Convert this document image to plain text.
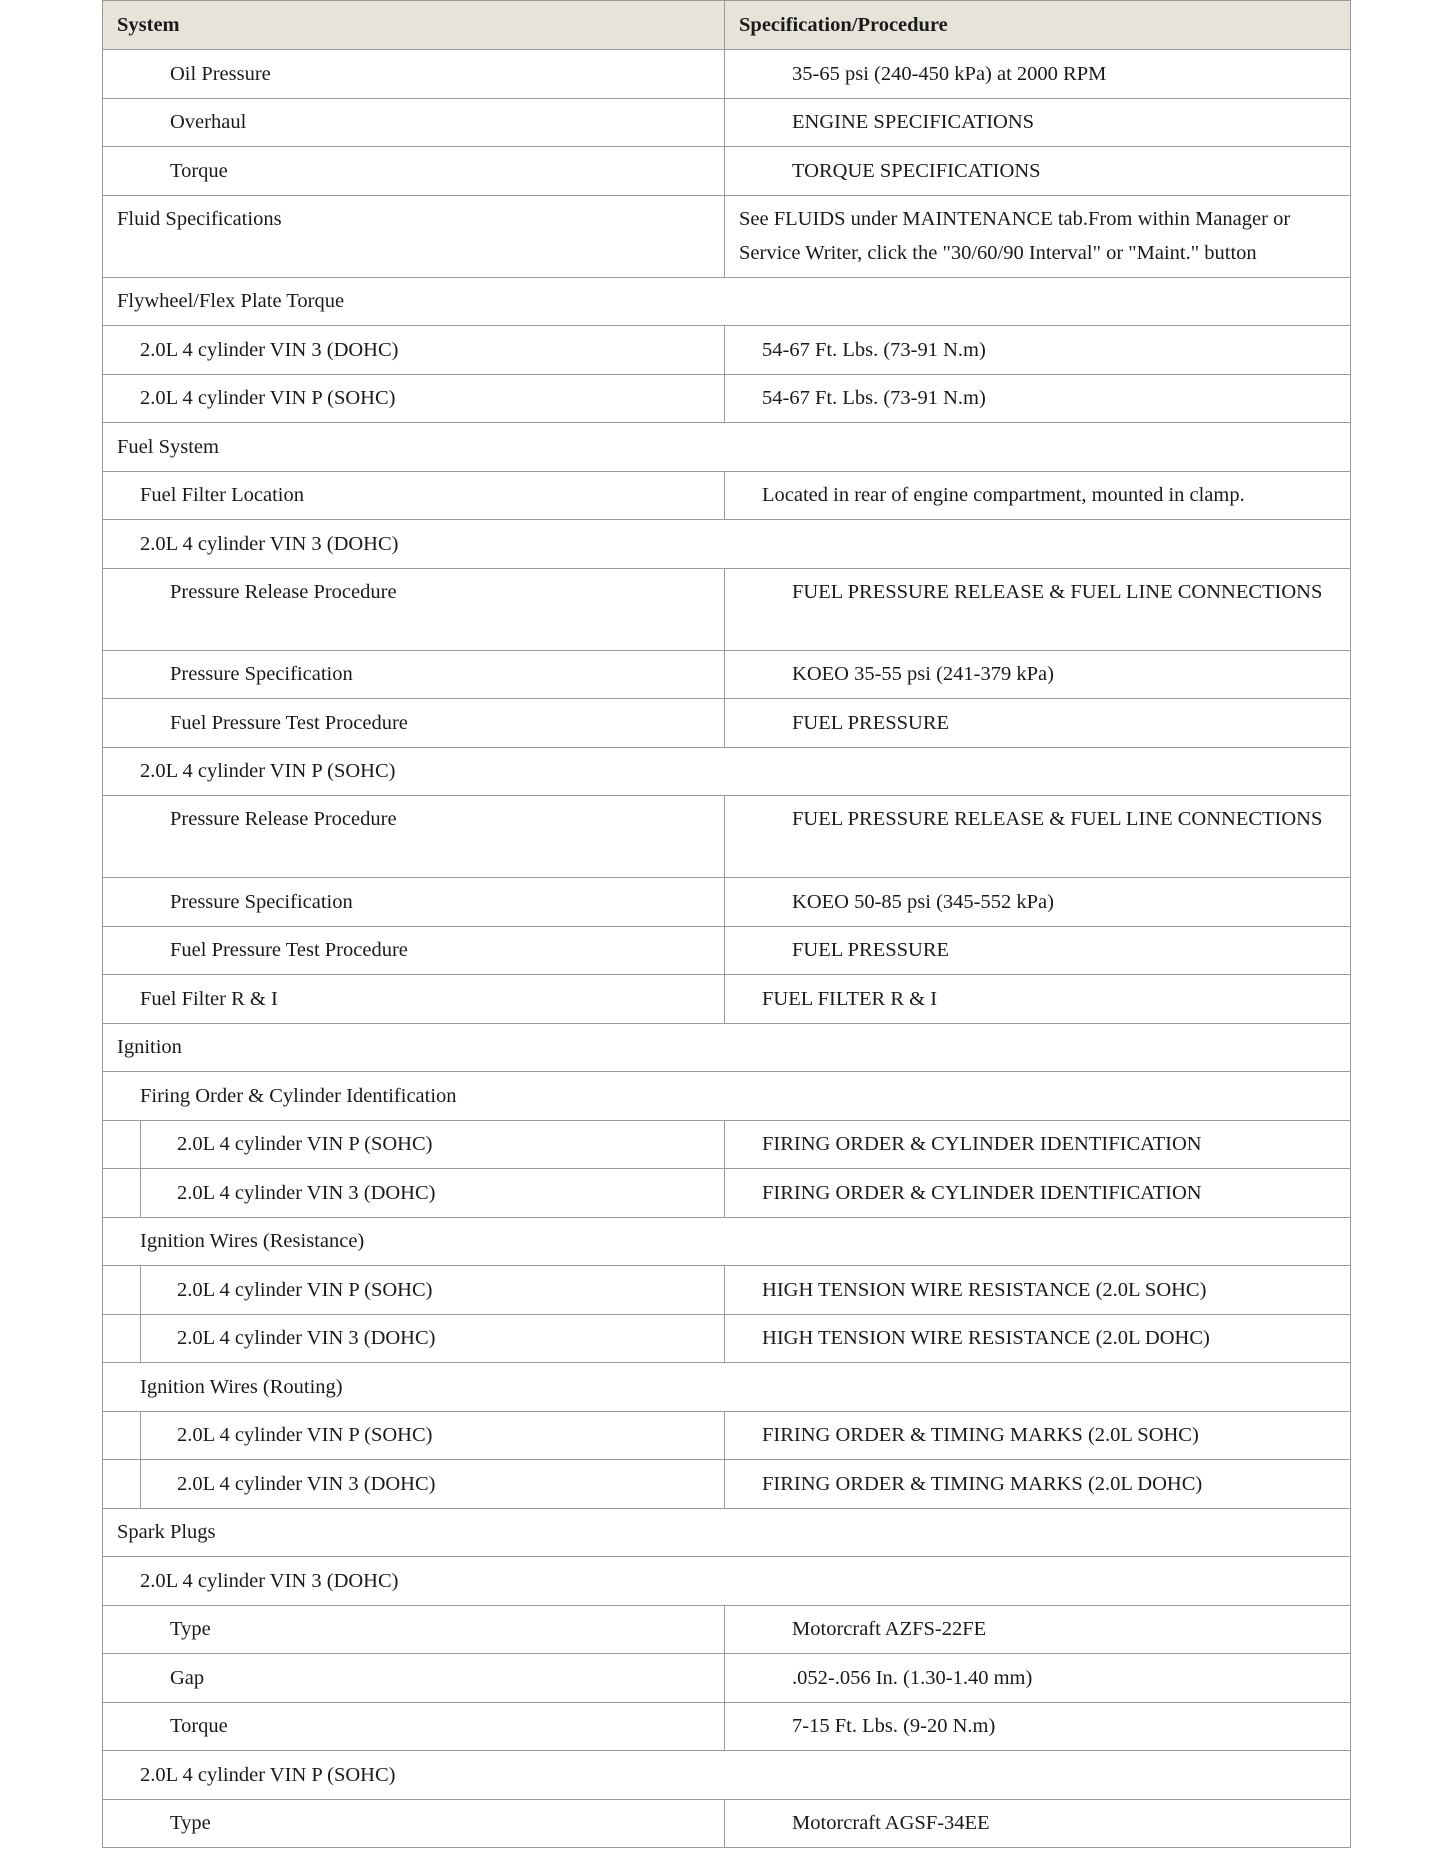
System		Specification/Procedure
Oil Pressure		35-65 psi (240-450 kPa) at 2000 RPM
Overhaul		ENGINE SPECIFICATIONS
Torque		TORQUE SPECIFICATIONS
Fluid Specifications		See FLUIDS under MAINTENANCE tab.From within Manager or Service Writer, click the "30/60/90 Interval" or "Maint." button
Flywheel/Flex Plate Torque		
2.0L 4 cylinder VIN 3 (DOHC)		54-67 Ft. Lbs. (73-91 N.m)
2.0L 4 cylinder VIN P (SOHC)		54-67 Ft. Lbs. (73-91 N.m)
Fuel System		
Fuel Filter Location		Located in rear of engine compartment, mounted in clamp.
2.0L 4 cylinder VIN 3 (DOHC)		
Pressure Release Procedure		FUEL PRESSURE RELEASE & FUEL LINE CONNECTIONS
Pressure Specification		KOEO 35-55 psi (241-379 kPa)
Fuel Pressure Test Procedure		FUEL PRESSURE
2.0L 4 cylinder VIN P (SOHC)		
Pressure Release Procedure		FUEL PRESSURE RELEASE & FUEL LINE CONNECTIONS
Pressure Specification		KOEO 50-85 psi (345-552 kPa)
Fuel Pressure Test Procedure		FUEL PRESSURE
Fuel Filter R & I		FUEL FILTER R & I
Ignition		
Firing Order & Cylinder Identification		
	2.0L 4 cylinder VIN P (SOHC)	FIRING ORDER & CYLINDER IDENTIFICATION
	2.0L 4 cylinder VIN 3 (DOHC)	FIRING ORDER & CYLINDER IDENTIFICATION
Ignition Wires (Resistance)		
	2.0L 4 cylinder VIN P (SOHC)	HIGH TENSION WIRE RESISTANCE (2.0L SOHC)
	2.0L 4 cylinder VIN 3 (DOHC)	HIGH TENSION WIRE RESISTANCE (2.0L DOHC)
Ignition Wires (Routing)		
	2.0L 4 cylinder VIN P (SOHC)	FIRING ORDER & TIMING MARKS (2.0L SOHC)
	2.0L 4 cylinder VIN 3 (DOHC)	FIRING ORDER & TIMING MARKS (2.0L DOHC)
Spark Plugs		
2.0L 4 cylinder VIN 3 (DOHC)		
Type		Motorcraft AZFS-22FE
Gap		.052-.056 In. (1.30-1.40 mm)
Torque		7-15 Ft. Lbs. (9-20 N.m)
2.0L 4 cylinder VIN P (SOHC)		
Type		Motorcraft AGSF-34EE
